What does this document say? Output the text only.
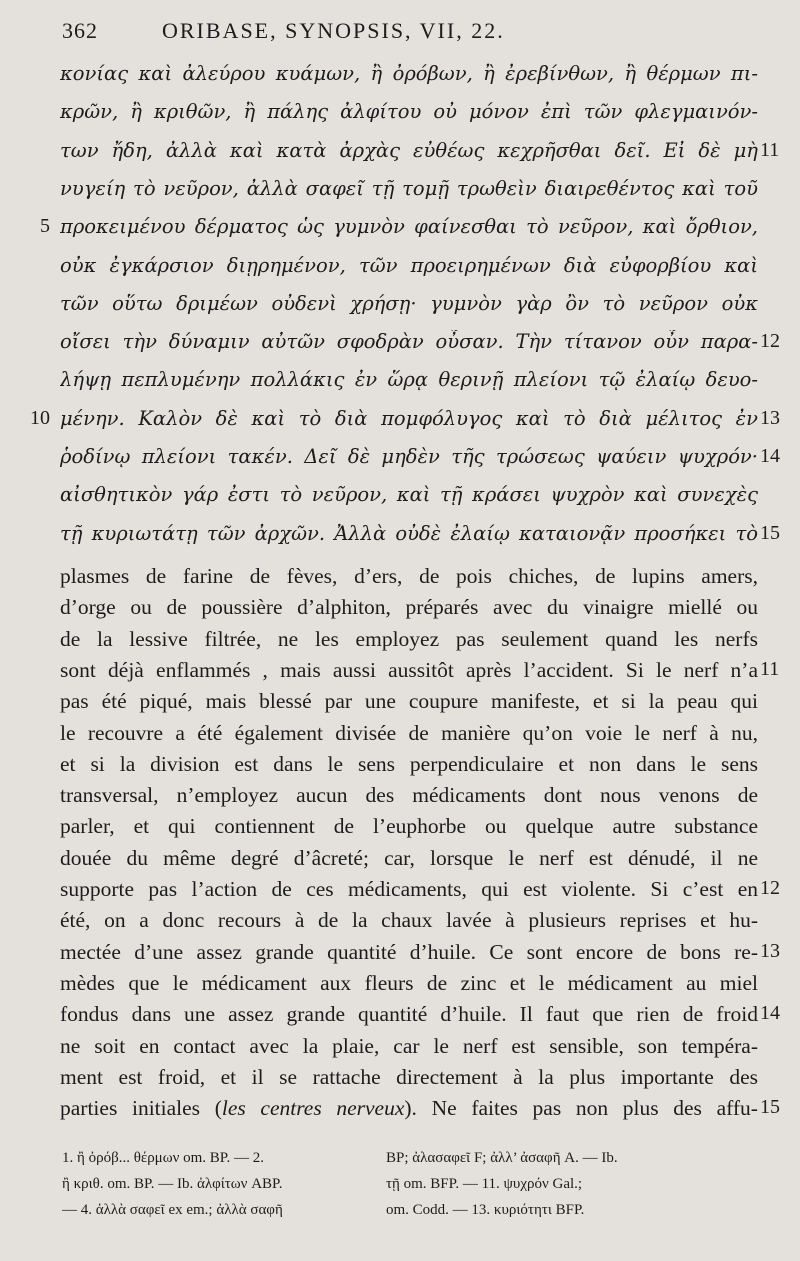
362	ORIBASE, SYNOPSIS, VII, 22.
κονίας καὶ ἀλεύρου κυάμων, ἢ ὀρόβων, ἢ ἐρεβίνθων, ἢ θέρμων πι-
κρῶν, ἢ κριθῶν, ἢ πάλης ἀλφίτου οὐ μόνον ἐπὶ τῶν φλεγμαινόν-
των ἤδη, ἀλλὰ καὶ κατὰ ἀρχὰς εὐθέως κεχρῆσθαι δεῖ. Εἰ δὲ μὴ 11
νυγείη τὸ νεῦρον, ἀλλὰ σαφεῖ τῇ τομῇ τρωθεὶν διαιρεθέντος καὶ τοῦ
5 προκειμένου δέρματος ὡς γυμνὸν φαίνεσθαι τὸ νεῦρον, καὶ ὄρθιον,
οὐκ ἐγκάρσιον διῃρημένον, τῶν προειρημένων διὰ εὐφορβίου καὶ
τῶν οὕτω δριμέων οὐδενὶ χρήσῃ· γυμνὸν γὰρ ὂν τὸ νεῦρον οὐκ
οἴσει τὴν δύναμιν αὐτῶν σφοδρὰν οὖσαν. Τὴν τίτανον οὖν παρα- 12
λήψῃ πεπλυμένην πολλάκις ἐν ὥρᾳ θερινῇ πλείονι τῷ ἐλαίῳ δευο-
10 μένην. Καλὸν δὲ καὶ τὸ διὰ πομφόλυγος καὶ τὸ διὰ μέλιτος ἐν 13
ῥοδίνῳ πλείονι τακέν. Δεῖ δὲ μηδὲν τῆς τρώσεως ψαύειν ψυχρόν· 14
αἰσθητικὸν γάρ ἐστι τὸ νεῦρον, καὶ τῇ κράσει ψυχρὸν καὶ συνεχὲς
τῇ κυριωτάτῃ τῶν ἀρχῶν. Ἀλλὰ οὐδὲ ἐλαίῳ καταιονᾷν προσήκει τὸ 15
plasmes de farine de fèves, d’ers, de pois chiches, de lupins amers,
d’orge ou de poussière d’alphiton, préparés avec du vinaigre miellé ou
de la lessive filtrée, ne les employez pas seulement quand les nerfs
sont déjà enflammés , mais aussi aussitôt après l’accident. Si le nerf n’a 11
pas été piqué, mais blessé par une coupure manifeste, et si la peau qui
le recouvre a été également divisée de manière qu’on voie le nerf à nu,
et si la division est dans le sens perpendiculaire et non dans le sens
transversal, n’employez aucun des médicaments dont nous venons de
parler, et qui contiennent de l’euphorbe ou quelque autre substance
douée du même degré d’âcreté; car, lorsque le nerf est dénudé, il ne
supporte pas l’action de ces médicaments, qui est violente. Si c’est en 12
été, on a donc recours à de la chaux lavée à plusieurs reprises et hu-
mectée d’une assez grande quantité d’huile. Ce sont encore de bons re- 13
mèdes que le médicament aux fleurs de zinc et le médicament au miel
fondus dans une assez grande quantité d’huile. Il faut que rien de froid 14
ne soit en contact avec la plaie, car le nerf est sensible, son tempéra-
ment est froid, et il se rattache directement à la plus importante des
parties initiales (les centres nerveux). Ne faites pas non plus des affu- 15
1. ἢ ὀρόβ... θέρμων om. BP. — 2.	BP; ἀλασαφεῖ F; ἀλλ’ ἀσαφῆ A. — Ib.
ἢ κριθ. om. BP. — Ib. ἀλφίτων ABP.	τῇ om. BFP. — 11. ψυχρόν Gal.;
— 4. ἀλλὰ σαφεῖ ex em.; ἀλλὰ σαφῆ	om. Codd. — 13. κυριότητι BFP.
